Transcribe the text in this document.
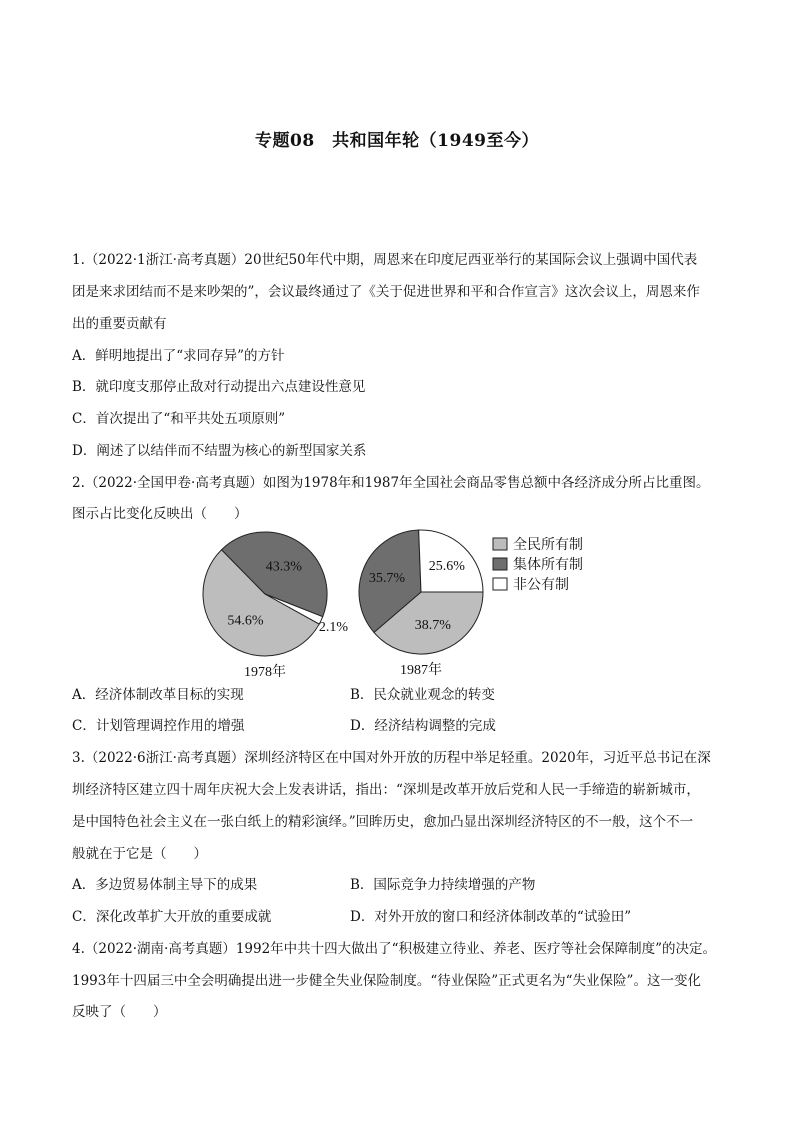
专题08　共和国年轮（1949至今）
1.（2022·1浙江·高考真题）20世纪50年代中期，周恩来在印度尼西亚举行的某国际会议上强调中国代表
团是来求团结而不是来吵架的”，会议最终通过了《关于促进世界和平和合作宣言》这次会议上，周恩来作
出的重要贡献有
A．鲜明地提出了“求同存异”的方针
B．就印度支那停止敌对行动提出六点建设性意见
C．首次提出了“和平共处五项原则”
D．阐述了以结伴而不结盟为核心的新型国家关系
2.（2022·全国甲卷·高考真题）如图为1978年和1987年全国社会商品零售总额中各经济成分所占比重图。
图示占比变化反映出（　　）
54.6%
43.3%
2.1%
1978年
38.7%
35.7%
25.6%
1987年
全民所有制
集体所有制
非公有制
A．经济体制改革目标的实现	B．民众就业观念的转变
C．计划管理调控作用的增强	D．经济结构调整的完成
3.（2022·6浙江·高考真题）深圳经济特区在中国对外开放的历程中举足轻重。2020年，习近平总书记在深
圳经济特区建立四十周年庆祝大会上发表讲话，指出：“深圳是改革开放后党和人民一手缔造的崭新城市，
是中国特色社会主义在一张白纸上的精彩演绎。”回眸历史，愈加凸显出深圳经济特区的不一般，这个不一
般就在于它是（　　）
A．多边贸易体制主导下的成果	B．国际竞争力持续增强的产物
C．深化改革扩大开放的重要成就	D．对外开放的窗口和经济体制改革的“试验田”
4.（2022·湖南·高考真题）1992年中共十四大做出了“积极建立待业、养老、医疗等社会保障制度”的决定。
1993年十四届三中全会明确提出进一步健全失业保险制度。“待业保险”正式更名为“失业保险”。这一变化
反映了（　　）
